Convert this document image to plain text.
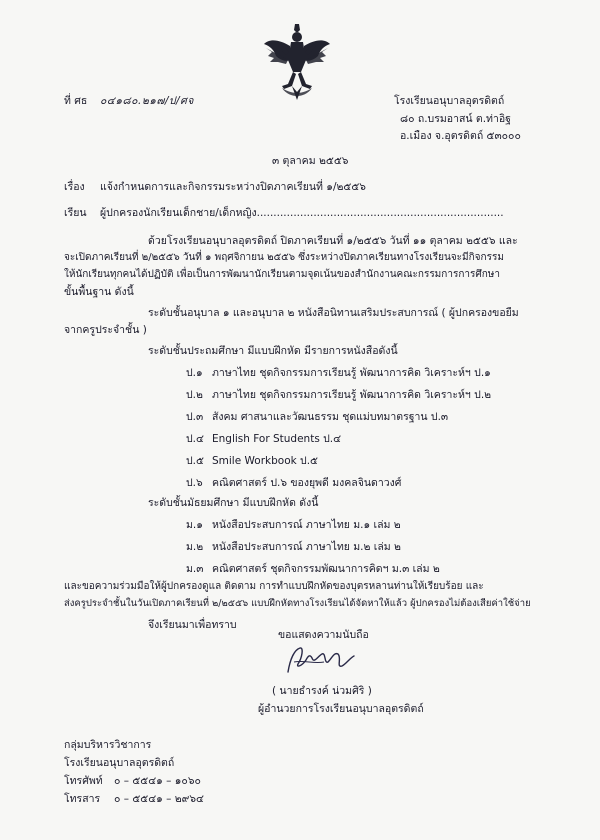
ที่ ศธ ๐๔๑๘๐.๒๑๗/ป/ศจ	โรงเรียนอนุบาลอุตรดิตถ์
๘๐ ถ.บรมอาสน์ ต.ท่าอิฐ
อ.เมือง จ.อุตรดิตถ์ ๕๓๐๐๐
๓ ตุลาคม ๒๕๕๖
เรื่อง แจ้งกำหนดการและกิจกรรมระหว่างปิดภาคเรียนที่ ๑/๒๕๕๖
เรียน ผู้ปกครองนักเรียนเด็กชาย/เด็กหญิง..........................................................................
ด้วยโรงเรียนอนุบาลอุตรดิตถ์ ปิดภาคเรียนที่ ๑/๒๕๕๖ วันที่ ๑๑ ตุลาคม ๒๕๕๖ และ
จะเปิดภาคเรียนที่ ๒/๒๕๕๖ วันที่ ๑ พฤศจิกายน ๒๕๕๖ ซึ่งระหว่างปิดภาคเรียนทางโรงเรียนจะมีกิจกรรม
ให้นักเรียนทุกคนได้ปฏิบัติ เพื่อเป็นการพัฒนานักเรียนตามจุดเน้นของสำนักงานคณะกรรมการการศึกษา
ขั้นพื้นฐาน ดังนี้
ระดับชั้นอนุบาล ๑ และอนุบาล ๒ หนังสือนิทานเสริมประสบการณ์ ( ผู้ปกครองขอยืม
จากครูประจำชั้น )
ระดับชั้นประถมศึกษา มีแบบฝึกหัด มีรายการหนังสือดังนี้
ป.๑ ภาษาไทย ชุดกิจกรรมการเรียนรู้ พัฒนาการคิด วิเคราะห์ฯ ป.๑
ป.๒ ภาษาไทย ชุดกิจกรรมการเรียนรู้ พัฒนาการคิด วิเคราะห์ฯ ป.๒
ป.๓ สังคม ศาสนาและวัฒนธรรม ชุดแม่บทมาตรฐาน ป.๓
ป.๔ English For Students ป.๔
ป.๕ Smile Workbook ป.๕
ป.๖ คณิตศาสตร์ ป.๖ ของยุพดี มงคลจินดาวงศ์
ระดับชั้นมัธยมศึกษา มีแบบฝึกหัด ดังนี้
ม.๑ หนังสือประสบการณ์ ภาษาไทย ม.๑ เล่ม ๒
ม.๒ หนังสือประสบการณ์ ภาษาไทย ม.๒ เล่ม ๒
ม.๓ คณิตศาสตร์ ชุดกิจกรรมพัฒนาการคิดฯ ม.๓ เล่ม ๒
และขอความร่วมมือให้ผู้ปกครองดูแล ติดตาม การทำแบบฝึกหัดของบุตรหลานท่านให้เรียบร้อย และ
ส่งครูประจำชั้นในวันเปิดภาคเรียนที่ ๒/๒๕๕๖ แบบฝึกหัดทางโรงเรียนได้จัดหาให้แล้ว ผู้ปกครองไม่ต้องเสียค่าใช้จ่าย
จึงเรียนมาเพื่อทราบ
ขอแสดงความนับถือ
( นายธำรงค์ น่วมศิริ )
ผู้อำนวยการโรงเรียนอนุบาลอุตรดิตถ์
กลุ่มบริหารวิชาการ
โรงเรียนอนุบาลอุตรดิตถ์
โทรศัพท์ ๐ – ๕๕๔๑ – ๑๐๖๐
โทรสาร ๐ – ๕๕๔๑ – ๒๙๖๔
